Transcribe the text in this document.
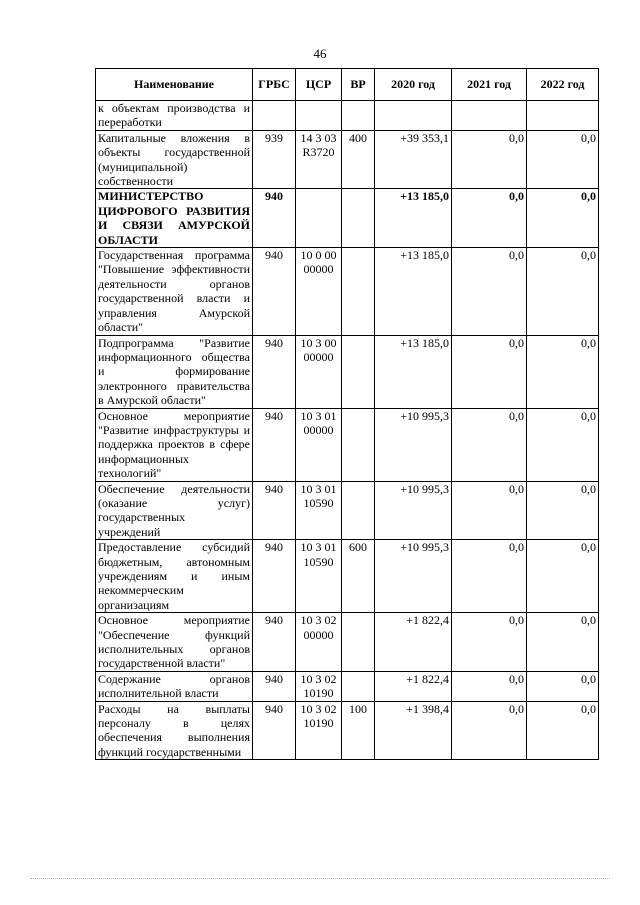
46
Наименование	ГРБС	ЦСР	ВР	2020 год	2021 год	2022 год
к объектам производства и переработки						
Капитальные вложения в объекты государственной (муниципальной) собственности	939	14 3 03 R3720	400	+39 353,1	0,0	0,0
МИНИСТЕРСТВО ЦИФРОВОГО РАЗВИТИЯ И СВЯЗИ АМУРСКОЙ ОБЛАСТИ	940			+13 185,0	0,0	0,0
Государственная программа "Повышение эффективности деятельности органов государственной власти и управления Амурской области"	940	10 0 00 00000		+13 185,0	0,0	0,0
Подпрограмма "Развитие информационного общества и формирование электронного правительства в Амурской области"	940	10 3 00 00000		+13 185,0	0,0	0,0
Основное мероприятие "Развитие инфраструктуры и поддержка проектов в сфере информационных технологий"	940	10 3 01 00000		+10 995,3	0,0	0,0
Обеспечение деятельности (оказание услуг) государственных учреждений	940	10 3 01 10590		+10 995,3	0,0	0,0
Предоставление субсидий бюджетным, автономным учреждениям и иным некоммерческим организациям	940	10 3 01 10590	600	+10 995,3	0,0	0,0
Основное мероприятие "Обеспечение функций исполнительных органов государственной власти"	940	10 3 02 00000		+1 822,4	0,0	0,0
Содержание органов исполнительной власти	940	10 3 02 10190		+1 822,4	0,0	0,0
Расходы на выплаты персоналу в целях обеспечения выполнения функций государственными	940	10 3 02 10190	100	+1 398,4	0,0	0,0
